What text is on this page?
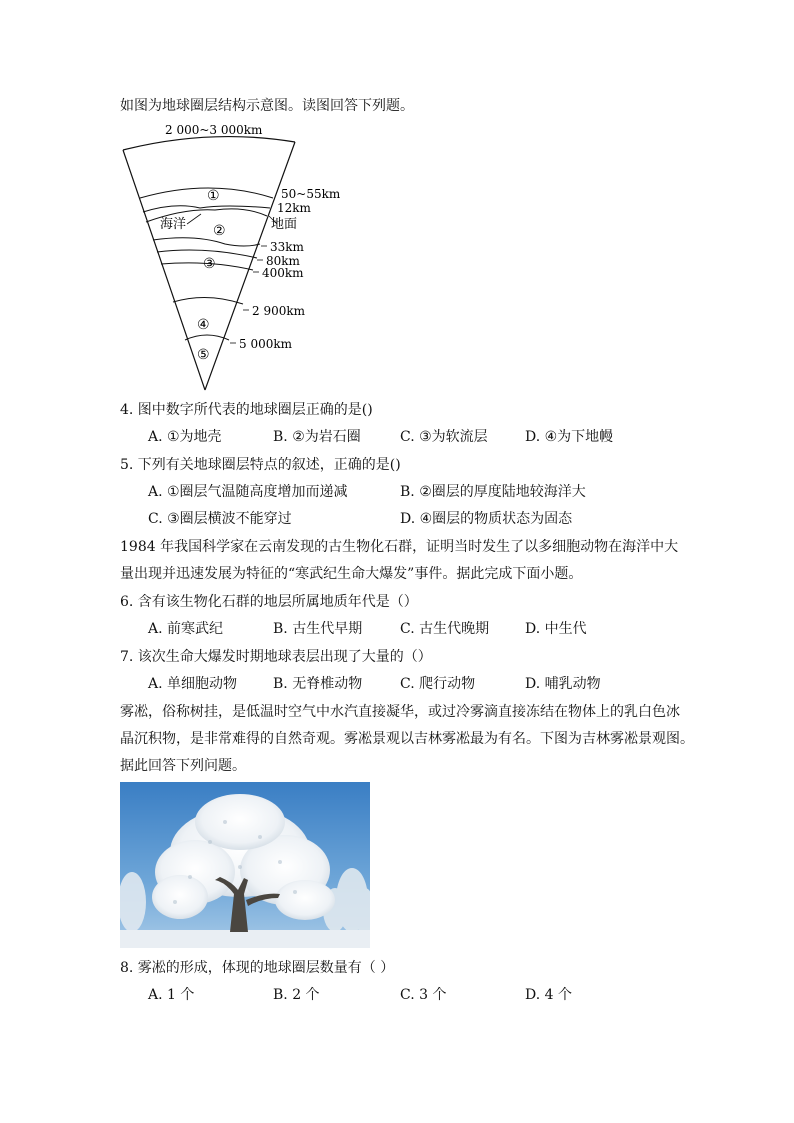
如图为地球圈层结构示意图。读图回答下列题。
2 000~3 000km
①
②
③
④
⑤
海洋	地面
50~55km
12km
33km
80km
400km
2 900km
5 000km
4. 图中数字所代表的地球圈层正确的是()
A. ①为地壳	B. ②为岩石圈	C. ③为软流层	D. ④为下地幔
5. 下列有关地球圈层特点的叙述，正确的是()
A. ①圈层气温随高度增加而递减	B. ②圈层的厚度陆地较海洋大
C. ③圈层横波不能穿过	D. ④圈层的物质状态为固态
1984 年我国科学家在云南发现的古生物化石群，证明当时发生了以多细胞动物在海洋中大
量出现并迅速发展为特征的“寒武纪生命大爆发”事件。据此完成下面小题。
6. 含有该生物化石群的地层所属地质年代是（）
A. 前寒武纪	B. 古生代早期	C. 古生代晚期	D. 中生代
7. 该次生命大爆发时期地球表层出现了大量的（）
A. 单细胞动物	B. 无脊椎动物	C. 爬行动物	D. 哺乳动物
雾凇，俗称树挂，是低温时空气中水汽直接凝华，或过冷雾滴直接冻结在物体上的乳白色冰
晶沉积物，是非常难得的自然奇观。雾凇景观以吉林雾凇最为有名。下图为吉林雾凇景观图。
据此回答下列问题。
8. 雾凇的形成，体现的地球圈层数量有（ ）
A. 1 个	B. 2 个	C. 3 个	D. 4 个
